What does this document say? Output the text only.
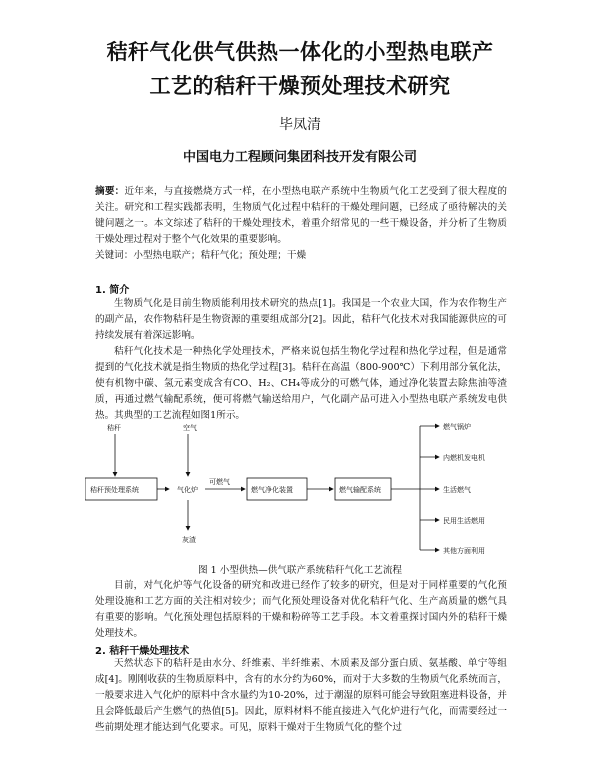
秸秆气化供气供热一体化的小型热电联产
工艺的秸秆干燥预处理技术研究
毕凤清
中国电力工程顾问集团科技开发有限公司

摘要：近年来，与直接燃烧方式一样，在小型热电联产系统中生物质气化工艺受到了很大程度的关注。研究和工程实践都表明，生物质气化过程中秸秆的干燥处理问题，已经成了亟待解决的关键问题之一。本文综述了秸秆的干燥处理技术，着重介绍常见的一些干燥设备，并分析了生物质干燥处理过程对于整个气化效果的重要影响。

关键词：小型热电联产；秸秆气化；预处理；干燥

1. 简介

生物质气化是目前生物质能利用技术研究的热点[1]。我国是一个农业大国，作为农作物生产的副产品，农作物秸秆是生物资源的重要组成部分[2]。因此，秸秆气化技术对我国能源供应的可持续发展有着深远影响。

秸秆气化技术是一种热化学处理技术，严格来说包括生物化学过程和热化学过程，但是通常提到的气化技术就是指生物质的热化学过程[3]。秸秆在高温（800-900℃）下利用部分氧化法，使有机物中碳、氢元素变成含有CO、H₂、CH₄等成分的可燃气体，通过净化装置去除焦油等渣质，再通过燃气输配系统，便可将燃气输送给用户，气化副产品可进入小型热电联产系统发电供热。其典型的工艺流程如图1所示。

秸秆	空气
秸秆预处理系统	气化炉
可燃气
灰渣
燃气净化装置	燃气输配系统
燃气锅炉
内燃机发电机
生活燃气
民用生活燃用
其他方面利用
图 1 小型供热—供气联产系统秸秆气化工艺流程

目前，对气化炉等气化设备的研究和改进已经作了较多的研究，但是对于同样重要的气化预处理设施和工艺方面的关注相对较少；而气化预处理设备对优化秸秆气化、生产高质量的燃气具有重要的影响。气化预处理包括原料的干燥和粉碎等工艺手段。本文着重探讨国内外的秸秆干燥处理技术。

2. 秸秆干燥处理技术

天然状态下的秸秆是由水分、纤维素、半纤维素、木质素及部分蛋白质、氨基酸、单宁等组成[4]。刚刚收获的生物质原料中，含有的水分约为60%，而对于大多数的生物质气化系统而言，一般要求进入气化炉的原料中含水量约为10-20%，过于潮湿的原料可能会导致阻塞进料设备，并且会降低最后产生燃气的热值[5]。因此，原料材料不能直接进入气化炉进行气化，而需要经过一些前期处理才能达到气化要求。可见，原料干燥对于生物质气化的整个过
